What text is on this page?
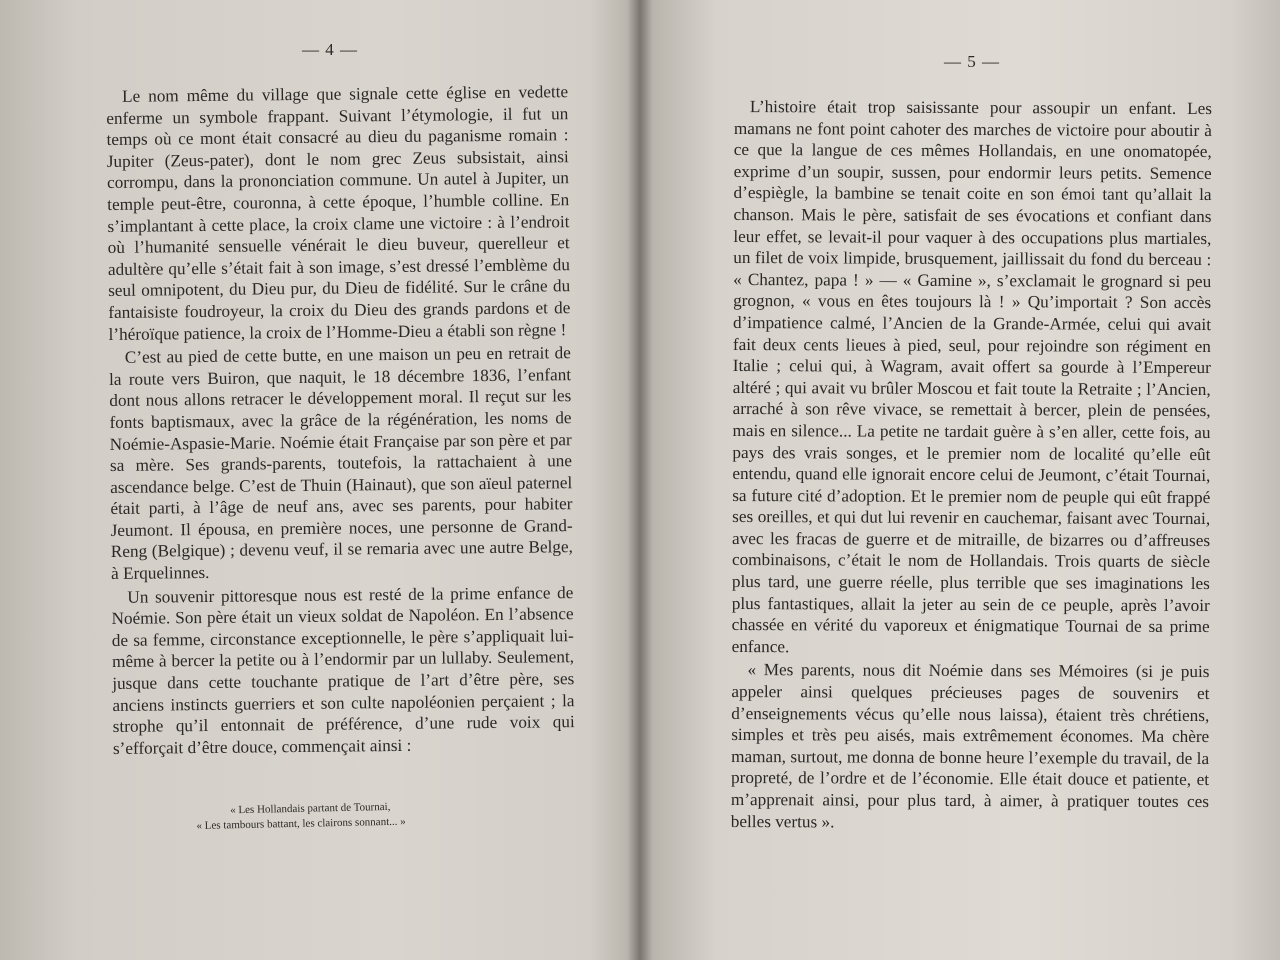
— 4 —

Le nom même du village que signale cette église en vedette enferme un symbole frappant. Suivant l’étymologie, il fut un temps où ce mont était consacré au dieu du paganisme romain : Jupiter (Zeus-pater), dont le nom grec Zeus subsistait, ainsi corrompu, dans la prononciation commune. Un autel à Jupiter, un temple peut-être, couronna, à cette époque, l’humble colline. En s’implantant à cette place, la croix clame une victoire : à l’endroit où l’humanité sensuelle vénérait le dieu buveur, querelleur et adultère qu’elle s’était fait à son image, s’est dressé l’emblème du seul omnipotent, du Dieu pur, du Dieu de fidélité. Sur le crâne du fantaisiste foudroyeur, la croix du Dieu des grands pardons et de l’héroïque patience, la croix de l’Homme-Dieu a établi son règne !

C’est au pied de cette butte, en une maison un peu en retrait de la route vers Buiron, que naquit, le 18 décembre 1836, l’enfant dont nous allons retracer le développement moral. Il reçut sur les fonts baptismaux, avec la grâce de la régénération, les noms de Noémie-Aspasie-Marie. Noémie était Française par son père et par sa mère. Ses grands-parents, toutefois, la rattachaient à une ascendance belge. C’est de Thuin (Hainaut), que son aïeul paternel était parti, à l’âge de neuf ans, avec ses parents, pour habiter Jeumont. Il épousa, en première noces, une personne de Grand-Reng (Belgique) ; devenu veuf, il se remaria avec une autre Belge, à Erquelinnes.

Un souvenir pittoresque nous est resté de la prime enfance de Noémie. Son père était un vieux soldat de Napoléon. En l’absence de sa femme, circonstance exceptionnelle, le père s’appliquait lui-même à bercer la petite ou à l’endormir par un lullaby. Seulement, jusque dans cette touchante pratique de l’art d’être père, ses anciens instincts guerriers et son culte napoléonien perçaient ; la strophe qu’il entonnait de préférence, d’une rude voix qui s’efforçait d’être douce, commençait ainsi :

« Les Hollandais partant de Tournai,
« Les tambours battant, les clairons sonnant... »
— 5 —

L’histoire était trop saisissante pour assoupir un enfant. Les mamans ne font point cahoter des marches de victoire pour aboutir à ce que la langue de ces mêmes Hollandais, en une onomatopée, exprime d’un soupir, sussen, pour endormir leurs petits. Semence d’espiègle, la bambine se tenait coite en son émoi tant qu’allait la chanson. Mais le père, satisfait de ses évocations et confiant dans leur effet, se levait-il pour vaquer à des occupations plus martiales, un filet de voix limpide, brusquement, jaillissait du fond du berceau : « Chantez, papa ! » — « Gamine », s’exclamait le grognard si peu grognon, « vous en êtes toujours là ! » Qu’importait ? Son accès d’impatience calmé, l’Ancien de la Grande-Armée, celui qui avait fait deux cents lieues à pied, seul, pour rejoindre son régiment en Italie ; celui qui, à Wagram, avait offert sa gourde à l’Empereur altéré ; qui avait vu brûler Moscou et fait toute la Retraite ; l’Ancien, arraché à son rêve vivace, se remettait à bercer, plein de pensées, mais en silence... La petite ne tardait guère à s’en aller, cette fois, au pays des vrais songes, et le premier nom de localité qu’elle eût entendu, quand elle ignorait encore celui de Jeumont, c’était Tournai, sa future cité d’adoption. Et le premier nom de peuple qui eût frappé ses oreilles, et qui dut lui revenir en cauchemar, faisant avec Tournai, avec les fracas de guerre et de mitraille, de bizarres ou d’affreuses combinaisons, c’était le nom de Hollandais. Trois quarts de siècle plus tard, une guerre réelle, plus terrible que ses imaginations les plus fantastiques, allait la jeter au sein de ce peuple, après l’avoir chassée en vérité du vaporeux et énigmatique Tournai de sa prime enfance.

« Mes parents, nous dit Noémie dans ses Mémoires (si je puis appeler ainsi quelques précieuses pages de souvenirs et d’enseignements vécus qu’elle nous laissa), étaient très chrétiens, simples et très peu aisés, mais extrêmement économes. Ma chère maman, surtout, me donna de bonne heure l’exemple du travail, de la propreté, de l’ordre et de l’économie. Elle était douce et patiente, et m’apprenait ainsi, pour plus tard, à aimer, à pratiquer toutes ces belles vertus ».
